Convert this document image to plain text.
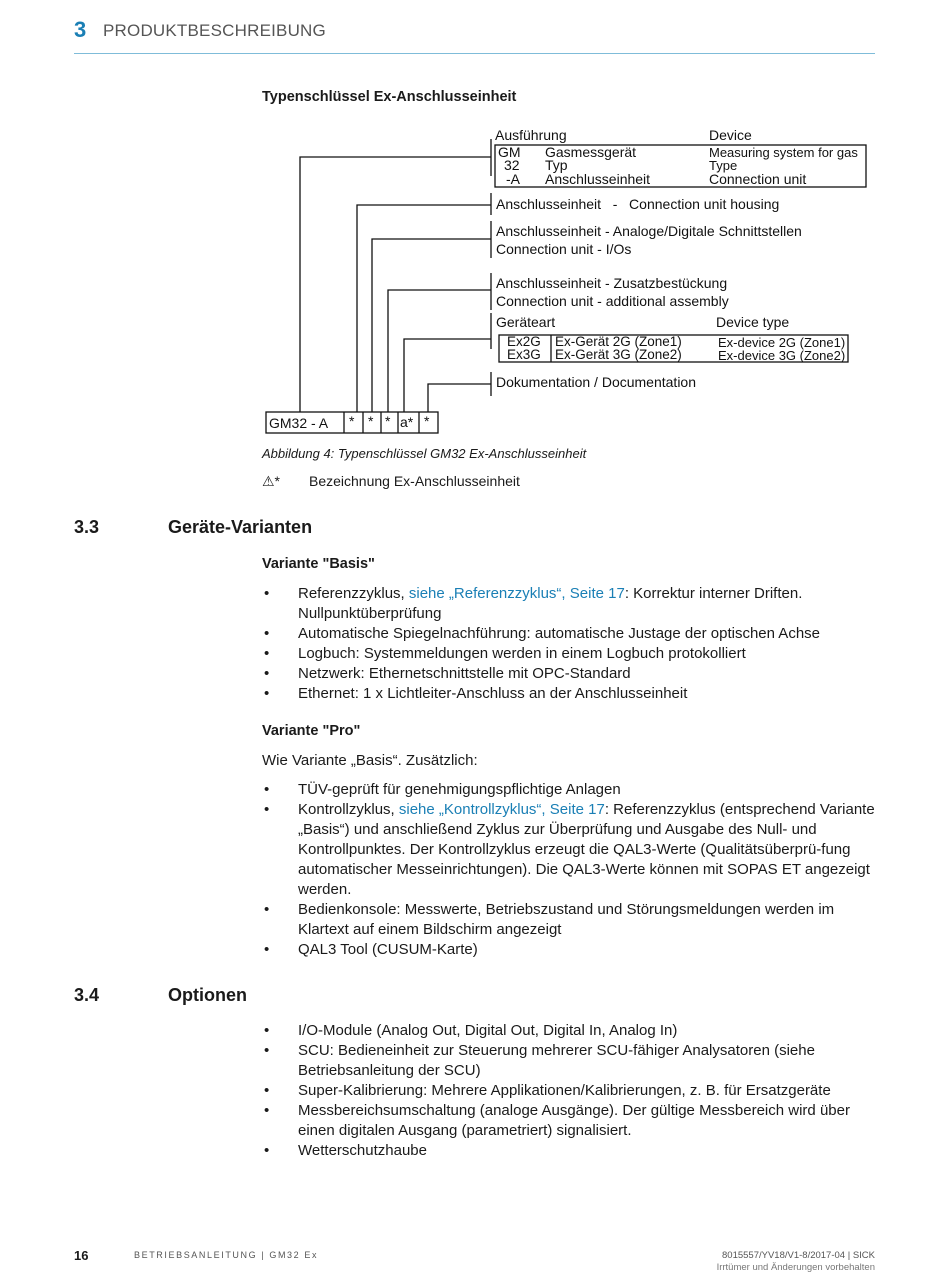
3 PRODUKTBESCHREIBUNG
Typenschlüssel Ex-Anschlusseinheit
Ausführung	Device
GM Gasmessgerät	Measuring system for gas
32 Typ	Type
-A Anschlusseinheit	Connection unit
Anschlusseinheit   -   Connection unit housing
Anschlusseinheit - Analoge/Digitale Schnittstellen
Connection unit - I/Os
Anschlusseinheit - Zusatzbestückung
Connection unit - additional assembly
Geräteart	Device type
Ex2G Ex-Gerät 2G (Zone1)	Ex-device 2G (Zone1)
Ex3G Ex-Gerät 3G (Zone2)	Ex-device 3G (Zone2)
Dokumentation / Documentation
GM32 - A * * * a* *
Abbildung 4: Typenschlüssel GM32 Ex-Anschlusseinheit
⚠* Bezeichnung Ex-Anschlusseinheit
3.3	Geräte-Varianten
Variante "Basis"
• Referenzzyklus, siehe „Referenzzyklus“, Seite 17: Korrektur interner Driften. Nullpunktüberprüfung
• Automatische Spiegelnachführung: automatische Justage der optischen Achse
• Logbuch: Systemmeldungen werden in einem Logbuch protokolliert
• Netzwerk: Ethernetschnittstelle mit OPC-Standard
• Ethernet: 1 x Lichtleiter-Anschluss an der Anschlusseinheit
Variante "Pro"
Wie Variante „Basis“. Zusätzlich:
• TÜV-geprüft für genehmigungspflichtige Anlagen
• Kontrollzyklus, siehe „Kontrollzyklus“, Seite 17: Referenzzyklus (entsprechend Variante „Basis“) und anschließend Zyklus zur Überprüfung und Ausgabe des Null- und Kontrollpunktes. Der Kontrollzyklus erzeugt die QAL3-Werte (Qualitätsüberprü-fung automatischer Messeinrichtungen). Die QAL3-Werte können mit SOPAS ET angezeigt werden.
• Bedienkonsole: Messwerte, Betriebszustand und Störungsmeldungen werden im Klartext auf einem Bildschirm angezeigt
• QAL3 Tool (CUSUM-Karte)
3.4	Optionen
• I/O-Module (Analog Out, Digital Out, Digital In, Analog In)
• SCU: Bedieneinheit zur Steuerung mehrerer SCU-fähiger Analysatoren (siehe Betriebsanleitung der SCU)
• Super-Kalibrierung: Mehrere Applikationen/Kalibrierungen, z. B. für Ersatzgeräte
• Messbereichsumschaltung (analoge Ausgänge). Der gültige Messbereich wird über einen digitalen Ausgang (parametriert) signalisiert.
• Wetterschutzhaube
16	BETRIEBSANLEITUNG | GM32 Ex	8015557/YV18/V1-8/2017-04 | SICK
Irrtümer und Änderungen vorbehalten
